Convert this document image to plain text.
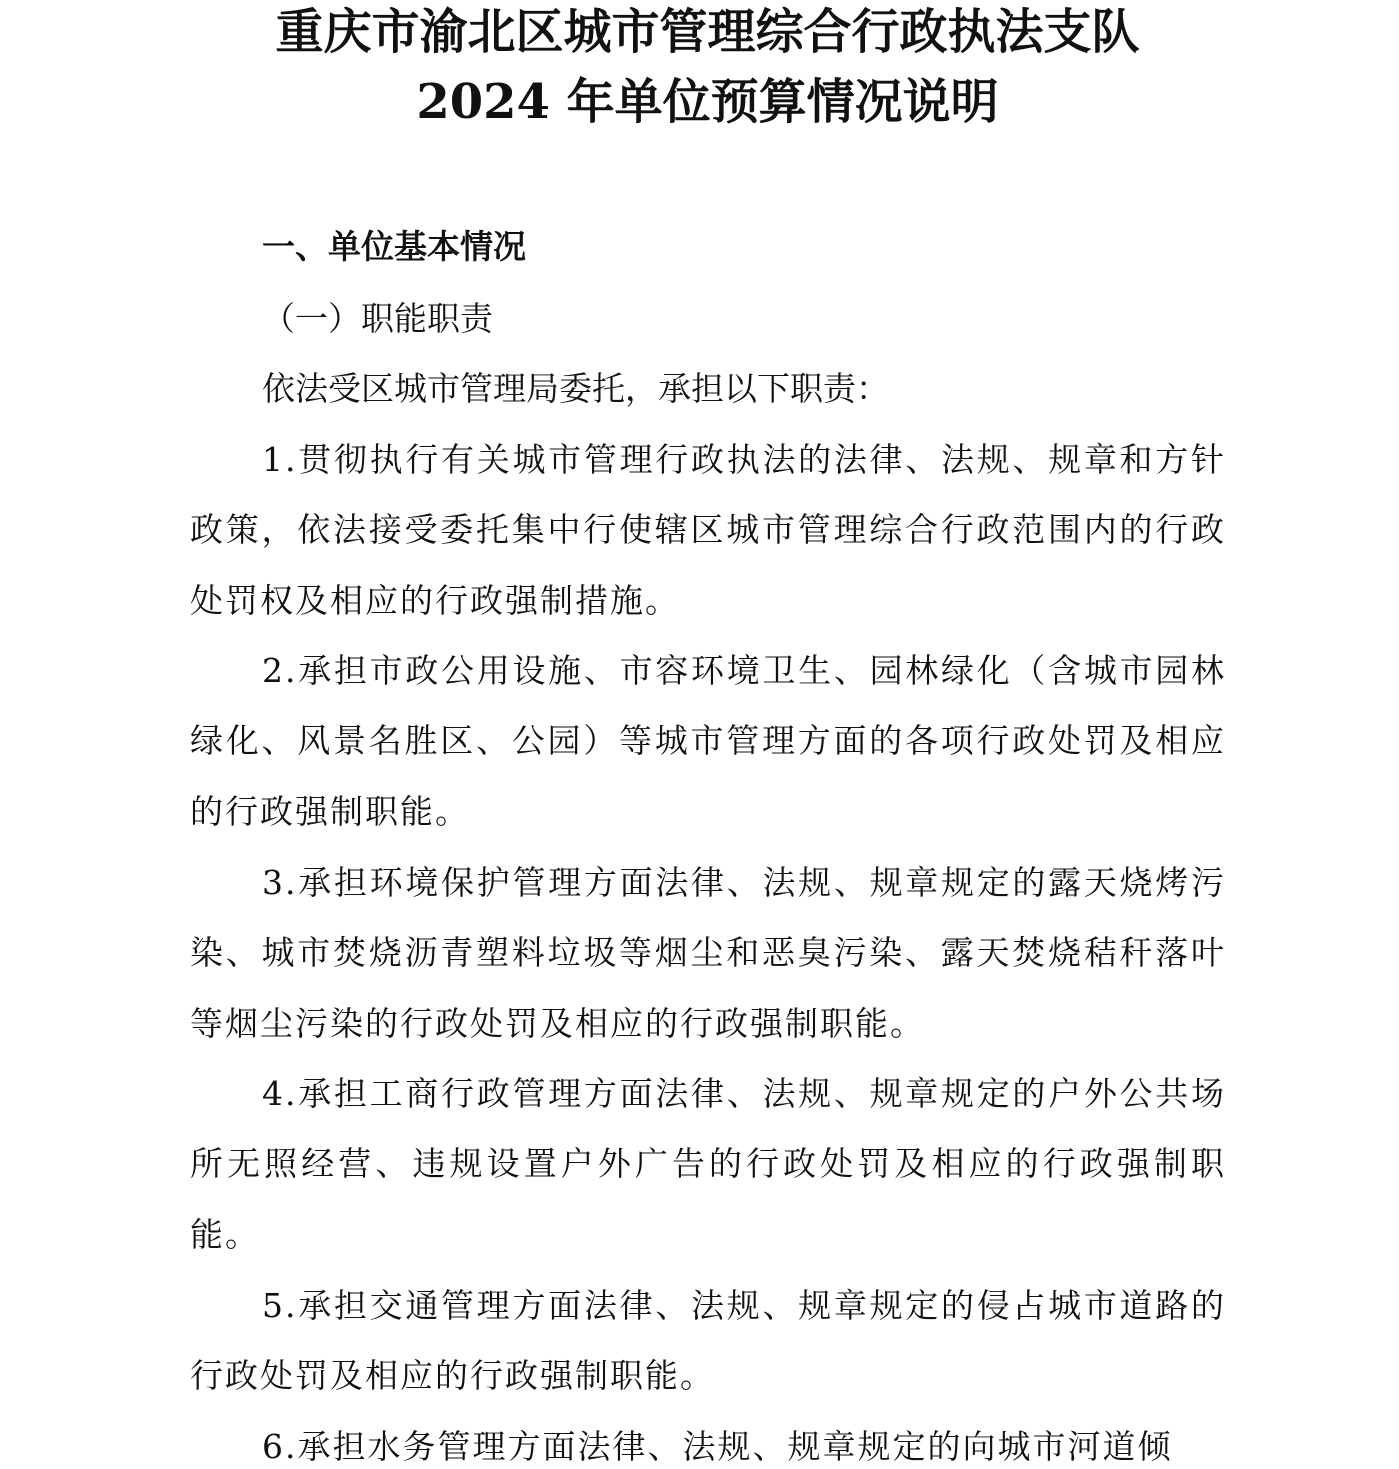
重庆市渝北区城市管理综合行政执法支队
2024 年单位预算情况说明
一、单位基本情况
（一）职能职责
依法受区城市管理局委托，承担以下职责：
1.贯彻执行有关城市管理行政执法的法律、法规、规章和方针政策，依法接受委托集中行使辖区城市管理综合行政范围内的行政处罚权及相应的行政强制措施。
2.承担市政公用设施、市容环境卫生、园林绿化（含城市园林绿化、风景名胜区、公园）等城市管理方面的各项行政处罚及相应的行政强制职能。
3.承担环境保护管理方面法律、法规、规章规定的露天烧烤污染、城市焚烧沥青塑料垃圾等烟尘和恶臭污染、露天焚烧秸秆落叶等烟尘污染的行政处罚及相应的行政强制职能。
4.承担工商行政管理方面法律、法规、规章规定的户外公共场所无照经营、违规设置户外广告的行政处罚及相应的行政强制职能。
5.承担交通管理方面法律、法规、规章规定的侵占城市道路的行政处罚及相应的行政强制职能。
6.承担水务管理方面法律、法规、规章规定的向城市河道倾
